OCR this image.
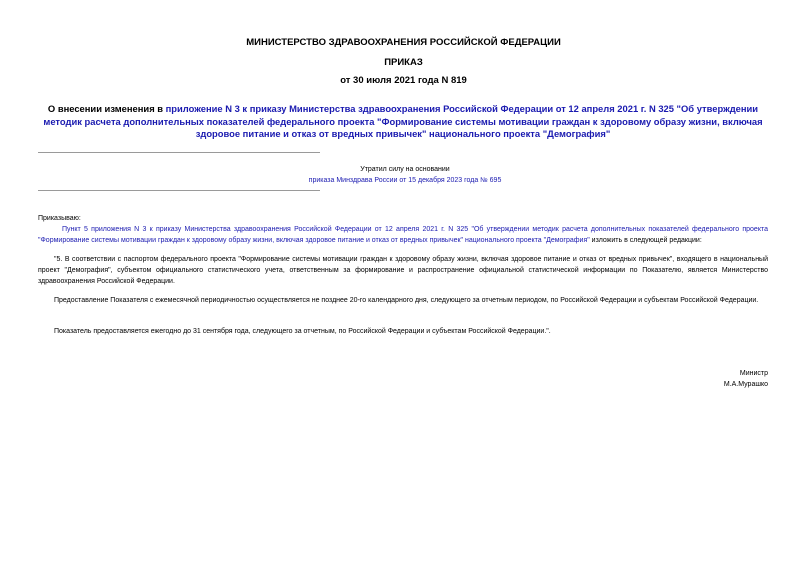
МИНИСТЕРСТВО ЗДРАВООХРАНЕНИЯ РОССИЙСКОЙ ФЕДЕРАЦИИ
ПРИКАЗ
от 30 июля 2021 года N 819
О внесении изменения в приложение N 3 к приказу Министерства здравоохранения Российской Федерации от 12 апреля 2021 г. N 325 "Об утверждении методик расчета дополнительных показателей федерального проекта "Формирование системы мотивации граждан к здоровому образу жизни, включая здоровое питание и отказ от вредных привычек" национального проекта "Демография"
Утратил силу на основании
приказа Минздрава России от 15 декабря 2023 года № 695
Приказываю:
Пункт 5 приложения N 3 к приказу Министерства здравоохранения Российской Федерации от 12 апреля 2021 г. N 325 "Об утверждении методик расчета дополнительных показателей федерального проекта "Формирование системы мотивации граждан к здоровому образу жизни, включая здоровое питание и отказ от вредных привычек" национального проекта "Демография" изложить в следующей редакции:
"5. В соответствии с паспортом федерального проекта "Формирование системы мотивации граждан к здоровому образу жизни, включая здоровое питание и отказ от вредных привычек", входящего в национальный проект "Демография", субъектом официального статистического учета, ответственным за формирование и распространение официальной статистической информации по Показателю, является Министерство здравоохранения Российской Федерации.
Предоставление Показателя с ежемесячной периодичностью осуществляется не позднее 20-го календарного дня, следующего за отчетным периодом, по Российской Федерации и субъектам Российской Федерации.
Показатель предоставляется ежегодно до 31 сентября года, следующего за отчетным, по Российской Федерации и субъектам Российской Федерации.".
Министр
М.А.Мурашко
